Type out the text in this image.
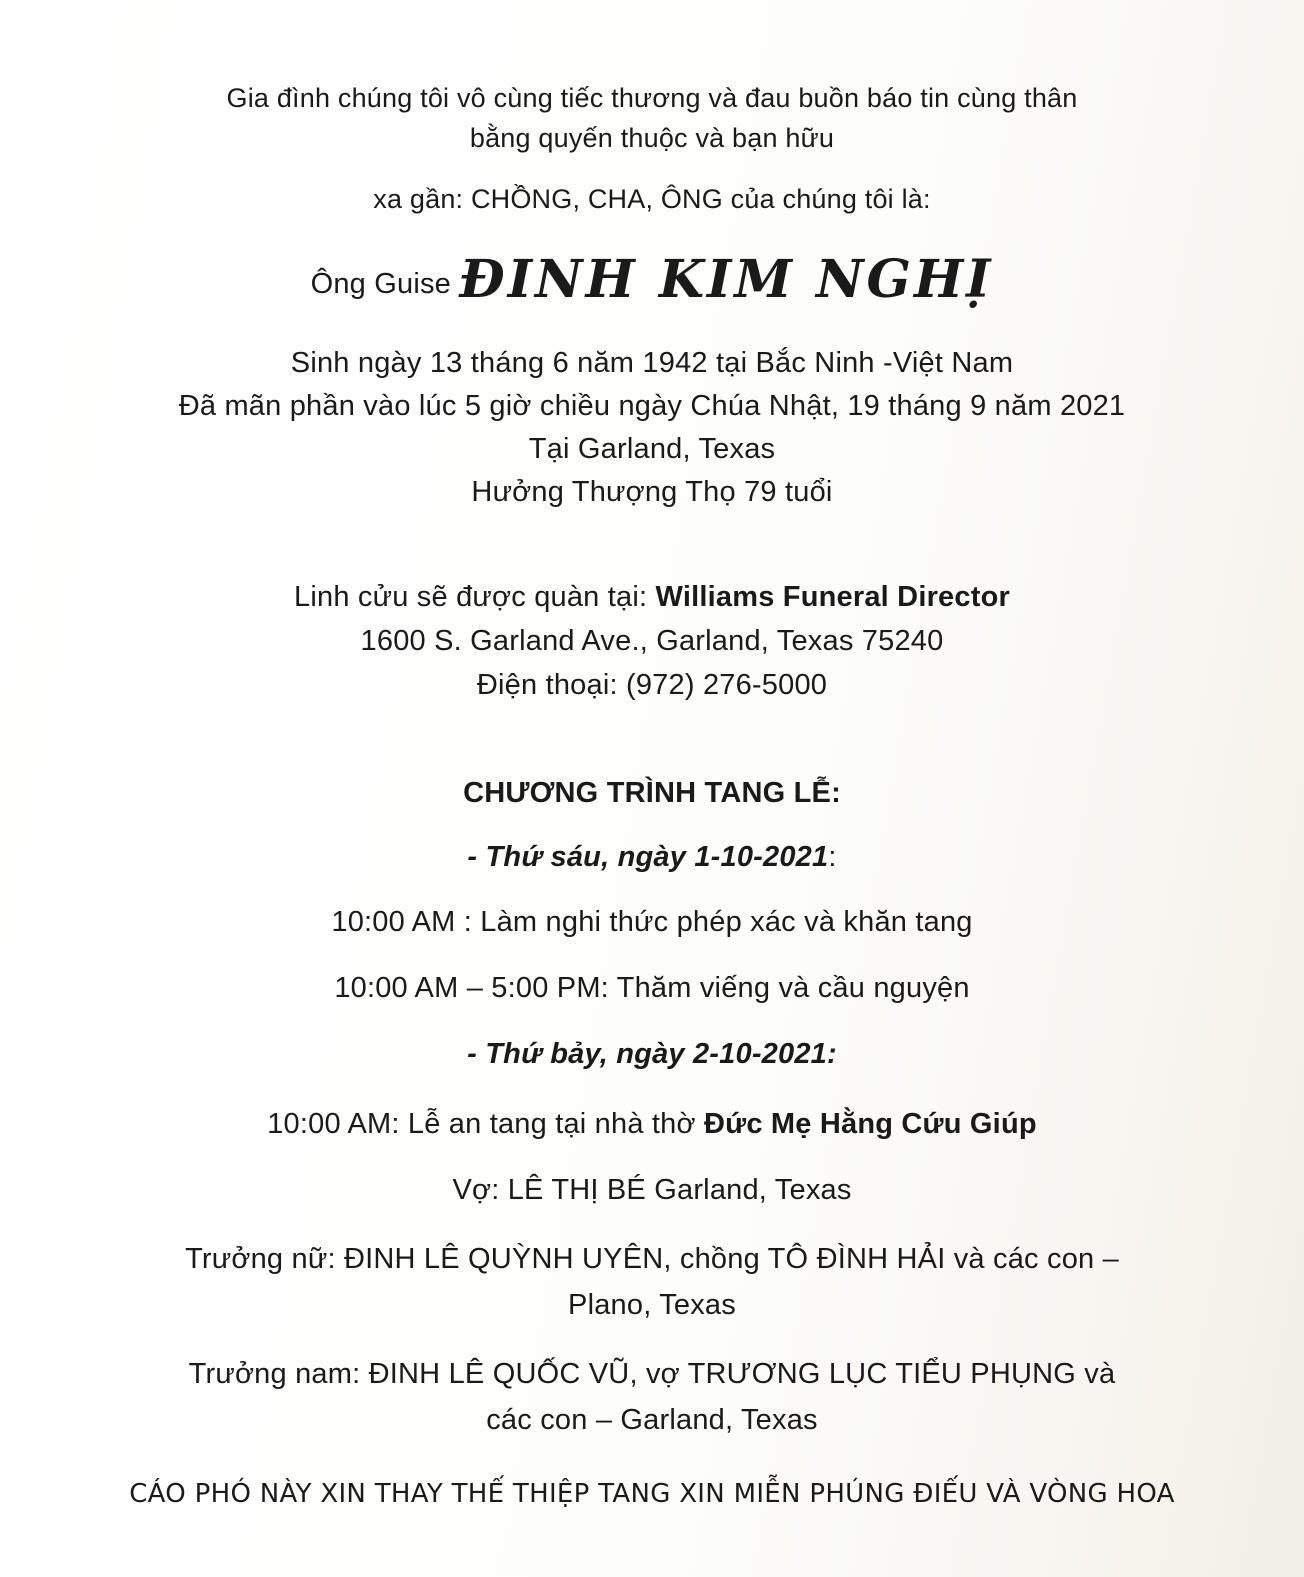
Gia đình chúng tôi vô cùng tiếc thương và đau buồn báo tin cùng thân
bằng quyến thuộc và bạn hữu
xa gần: CHỒNG, CHA, ÔNG của chúng tôi là:
Ông Guise ĐINH KIM NGHỊ
Sinh ngày 13 tháng 6 năm 1942 tại Bắc Ninh -Việt Nam
Đã mãn phần vào lúc 5 giờ chiều ngày Chúa Nhật, 19 tháng 9 năm 2021
Tại Garland, Texas
Hưởng Thượng Thọ 79 tuổi
Linh cửu sẽ được quàn tại: Williams Funeral Director
1600 S. Garland Ave., Garland, Texas 75240
Điện thoại: (972) 276-5000
CHƯƠNG TRÌNH TANG LỄ:
- Thứ sáu, ngày 1-10-2021:
10:00 AM : Làm nghi thức phép xác và khăn tang
10:00 AM – 5:00 PM: Thăm viếng và cầu nguyện
- Thứ bảy, ngày 2-10-2021:
10:00 AM: Lễ an tang tại nhà thờ Đức Mẹ Hằng Cứu Giúp
Vợ: LÊ THỊ BÉ Garland, Texas
Trưởng nữ: ĐINH LÊ QUỲNH UYÊN, chồng TÔ ĐÌNH HẢI và các con –
Plano, Texas
Trưởng nam: ĐINH LÊ QUỐC VŨ, vợ TRƯƠNG LỤC TIỂU PHỤNG và
các con – Garland, Texas
CÁO PHÓ NÀY XIN THAY THẾ THIỆP TANG XIN MIỄN PHÚNG ĐIẾU VÀ VÒNG HOA
